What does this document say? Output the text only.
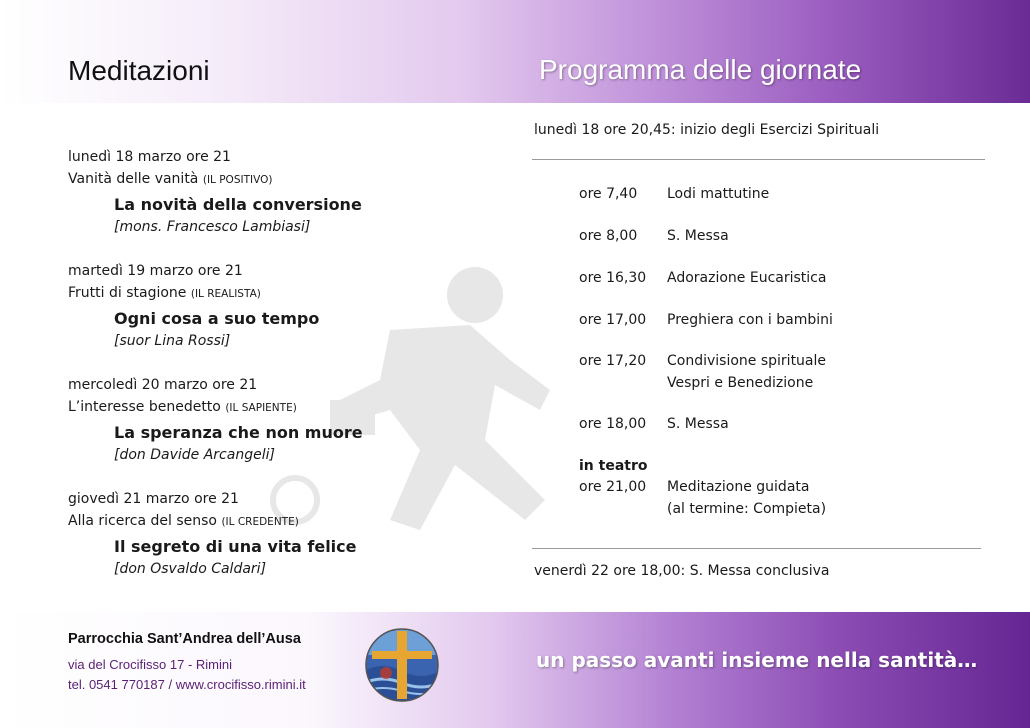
Meditazioni	Programma delle giornate
lunedì 18 marzo ore 21
Vanità delle vanità (IL POSITIVO)
La novità della conversione
[mons. Francesco Lambiasi]
martedì 19 marzo ore 21
Frutti di stagione (IL REALISTA)
Ogni cosa a suo tempo
[suor Lina Rossi]
mercoledì 20 marzo ore 21
L’interesse benedetto (IL SAPIENTE)
La speranza che non muore
[don Davide Arcangeli]
giovedì 21 marzo ore 21
Alla ricerca del senso (IL CREDENTE)
Il segreto di una vita felice
[don Osvaldo Caldari]
lunedì 18 ore 20,45: inizio degli Esercizi Spirituali
ore 7,40 Lodi mattutine
ore 8,00 S. Messa
ore 16,30 Adorazione Eucaristica
ore 17,00 Preghiera con i bambini
ore 17,20 Condivisione spirituale
Vespri e Benedizione
ore 18,00 S. Messa
in teatro
ore 21,00 Meditazione guidata
(al termine: Compieta)
venerdì 22 ore 18,00: S. Messa conclusiva
Parrocchia Sant’Andrea dell’Ausa
via del Crocifisso 17 - Rimini
tel. 0541 770187 / www.crocifisso.rimini.it
un passo avanti insieme nella santità…
